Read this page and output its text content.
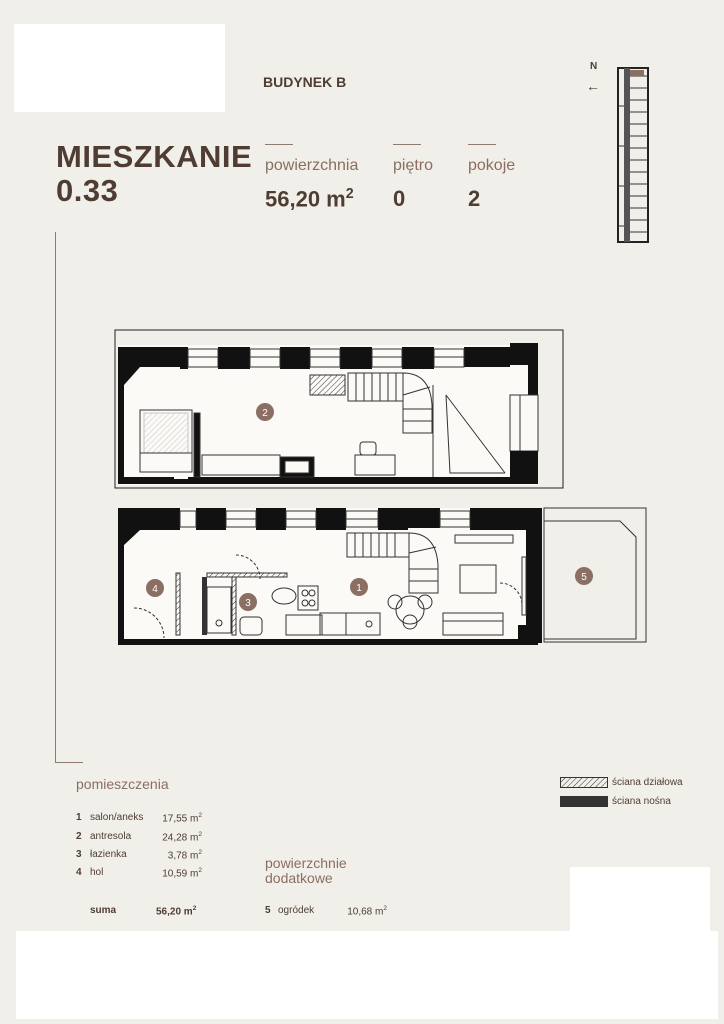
MIESZKANIE
0.33
BUDYNEK B
powierzchnia
56,20 $m^2$
piętro
0
pokoje
2
N
←
2
4
3
1
5
pomieszczenia
1 salon/aneks 17,55 $m^2$
2 antresola	24,28 $m^2$
3 łazienka	3,78 $m^2$
4 hol	10,59 $m^2$
suma	56,20 $m^2$
powierzchnie
dodatkowe
5 ogródek	10,68 $m^2$
ściana działowa
ściana nośna
